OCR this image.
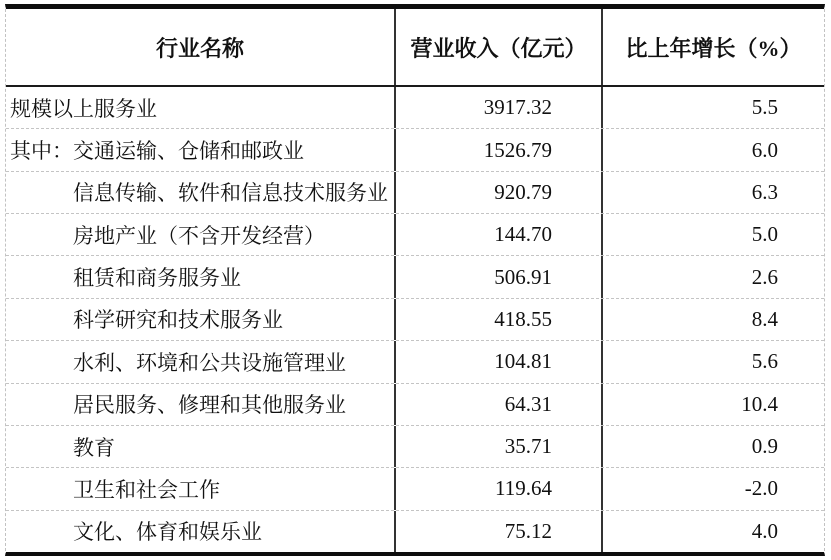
行业名称	营业收入（亿元）	比上年增长（%）
规模以上服务业	3917.32	5.5
其中：交通运输、仓储和邮政业	1526.79	6.0
信息传输、软件和信息技术服务业	920.79	6.3
房地产业（不含开发经营）	144.70	5.0
租赁和商务服务业	506.91	2.6
科学研究和技术服务业	418.55	8.4
水利、环境和公共设施管理业	104.81	5.6
居民服务、修理和其他服务业	64.31	10.4
教育	35.71	0.9
卫生和社会工作	119.64	-2.0
文化、体育和娱乐业	75.12	4.0
